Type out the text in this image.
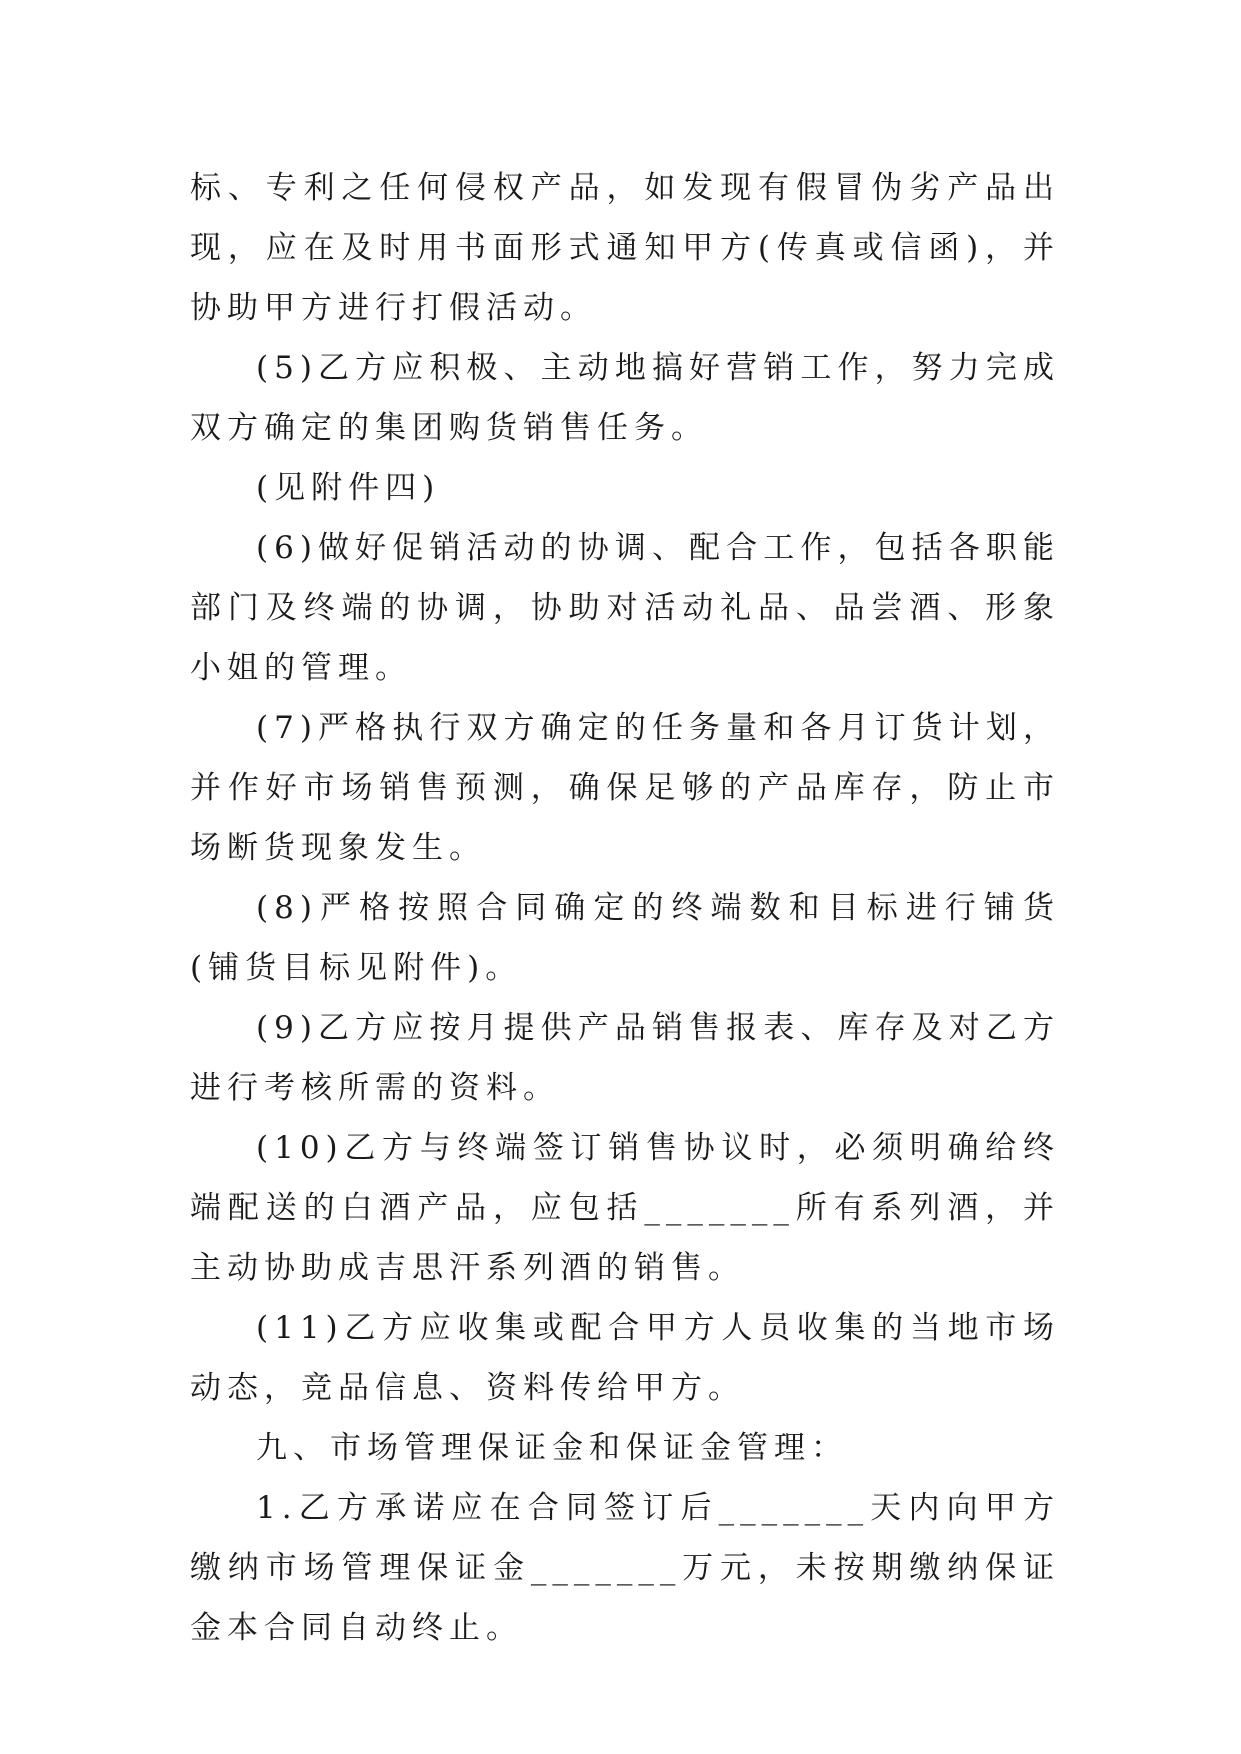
标、专利之任何侵权产品，如发现有假冒伪劣产品出现，应在及时用书面形式通知甲方(传真或信函)，并协助甲方进行打假活动。

(5)乙方应积极、主动地搞好营销工作，努力完成双方确定的集团购货销售任务。

(见附件四)

(6)做好促销活动的协调、配合工作，包括各职能部门及终端的协调，协助对活动礼品、品尝酒、形象小姐的管理。

(7)严格执行双方确定的任务量和各月订货计划，并作好市场销售预测，确保足够的产品库存，防止市场断货现象发生。

(8)严格按照合同确定的终端数和目标进行铺货(铺货目标见附件)。

(9)乙方应按月提供产品销售报表、库存及对乙方进行考核所需的资料。

(10)乙方与终端签订销售协议时，必须明确给终端配送的白酒产品，应包括_______所有系列酒，并主动协助成吉思汗系列酒的销售。

(11)乙方应收集或配合甲方人员收集的当地市场动态，竞品信息、资料传给甲方。

九、市场管理保证金和保证金管理：

1.乙方承诺应在合同签订后_______天内向甲方缴纳市场管理保证金_______万元，未按期缴纳保证金本合同自动终止。
